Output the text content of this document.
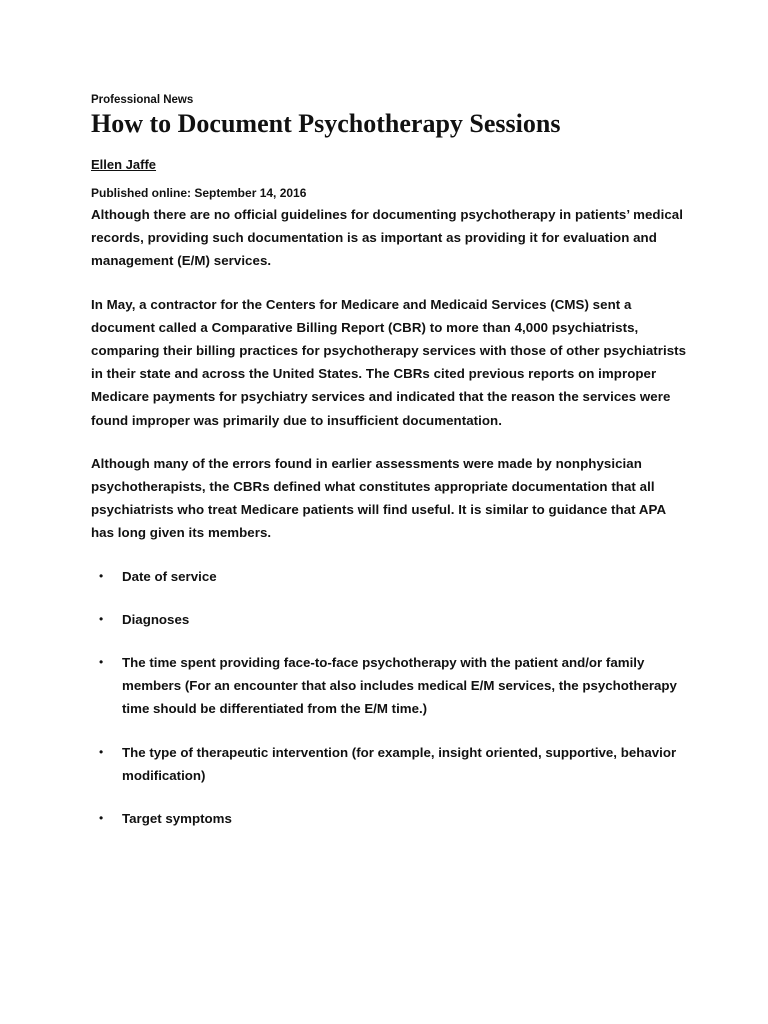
Professional News
How to Document Psychotherapy Sessions
Ellen Jaffe
Published online: September 14, 2016

Although there are no official guidelines for documenting psychotherapy in patients’ medical records, providing such documentation is as important as providing it for evaluation and management (E/M) services.

In May, a contractor for the Centers for Medicare and Medicaid Services (CMS) sent a document called a Comparative Billing Report (CBR) to more than 4,000 psychiatrists, comparing their billing practices for psychotherapy services with those of other psychiatrists in their state and across the United States. The CBRs cited previous reports on improper Medicare payments for psychiatry services and indicated that the reason the services were found improper was primarily due to insufficient documentation.

Although many of the errors found in earlier assessments were made by nonphysician psychotherapists, the CBRs defined what constitutes appropriate documentation that all psychiatrists who treat Medicare patients will find useful. It is similar to guidance that APA has long given its members.

• Date of service
• Diagnoses
• The time spent providing face-to-face psychotherapy with the patient and/or family members (For an encounter that also includes medical E/M services, the psychotherapy time should be differentiated from the E/M time.)
• The type of therapeutic intervention (for example, insight oriented, supportive, behavior modification)
• Target symptoms
